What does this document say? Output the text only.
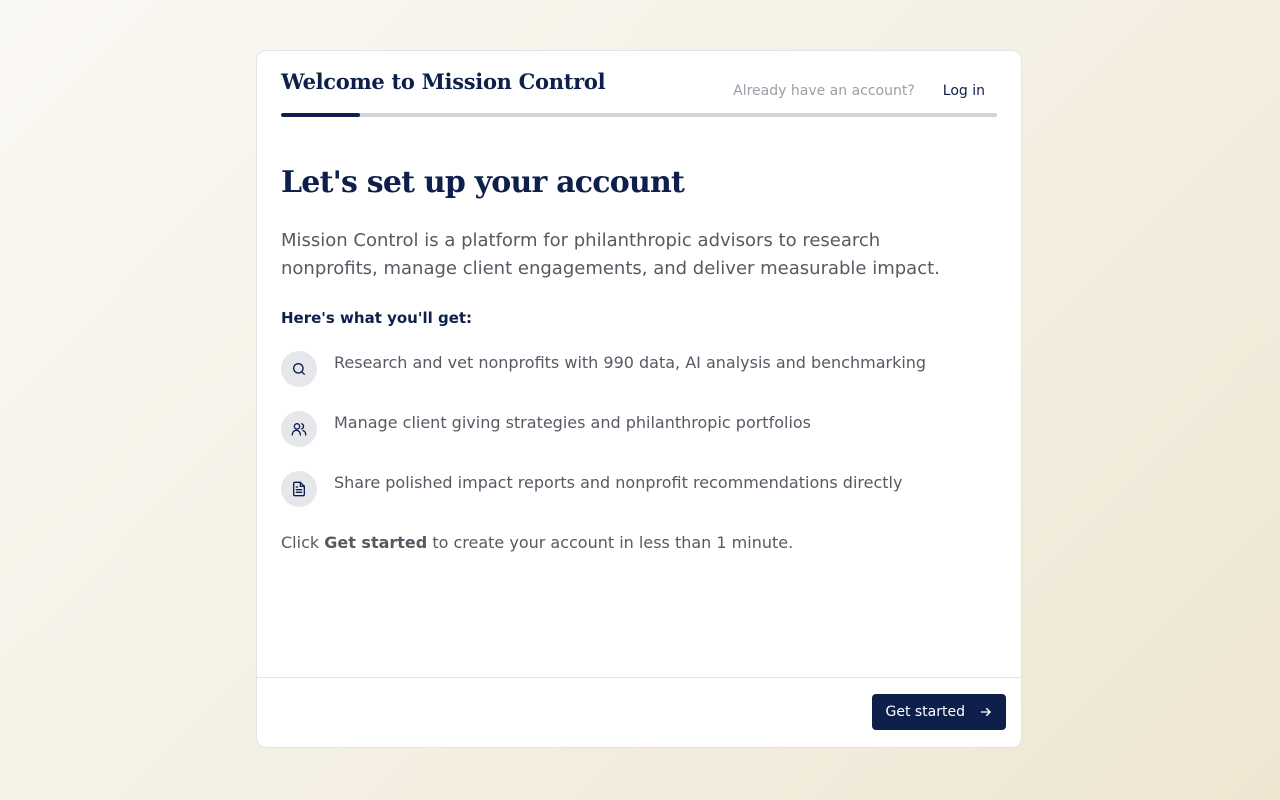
Welcome to Mission Control	Already have an account? Log in
Let's set up your account

Mission Control is a platform for philanthropic advisors to research nonprofits, manage client engagements, and deliver measurable impact.

Here's what you'll get:

Research and vet nonprofits with 990 data, AI analysis and benchmarking
Manage client giving strategies and philanthropic portfolios
Share polished impact reports and nonprofit recommendations directly

Click Get started to create your account in less than 1 minute.

Get started
